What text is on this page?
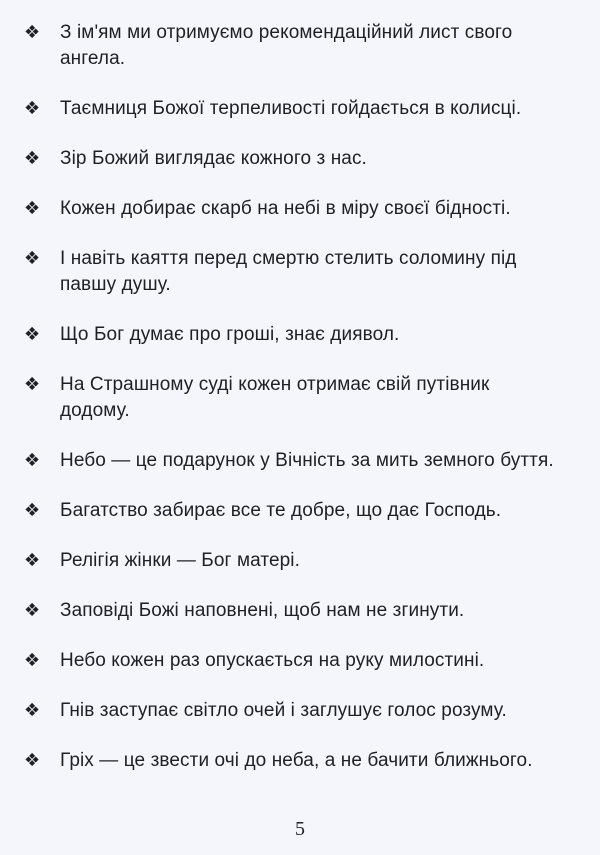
❖	З ім'ям ми отримуємо рекомендаційний лист свого ангела.
❖	Таємниця Божої терпеливості гойдається в колисці.
❖	Зір Божий виглядає кожного з нас.
❖	Кожен добирає скарб на небі в міру своєї бідності.
❖	І навіть каяття перед смертю стелить соломину під павшу душу.
❖	Що Бог думає про гроші, знає диявол.
❖	На Страшному суді кожен отримає свій путівник додому.
❖	Небо — це подарунок у Вічність за мить земного буття.
❖	Багатство забирає все те добре, що дає Господь.
❖	Релігія жінки — Бог матері.
❖	Заповіді Божі наповнені, щоб нам не згинути.
❖	Небо кожен раз опускається на руку милостині.
❖	Гнів заступає світло очей і заглушує голос розуму.
❖	Гріх — це звести очі до неба, а не бачити ближнього.
5
